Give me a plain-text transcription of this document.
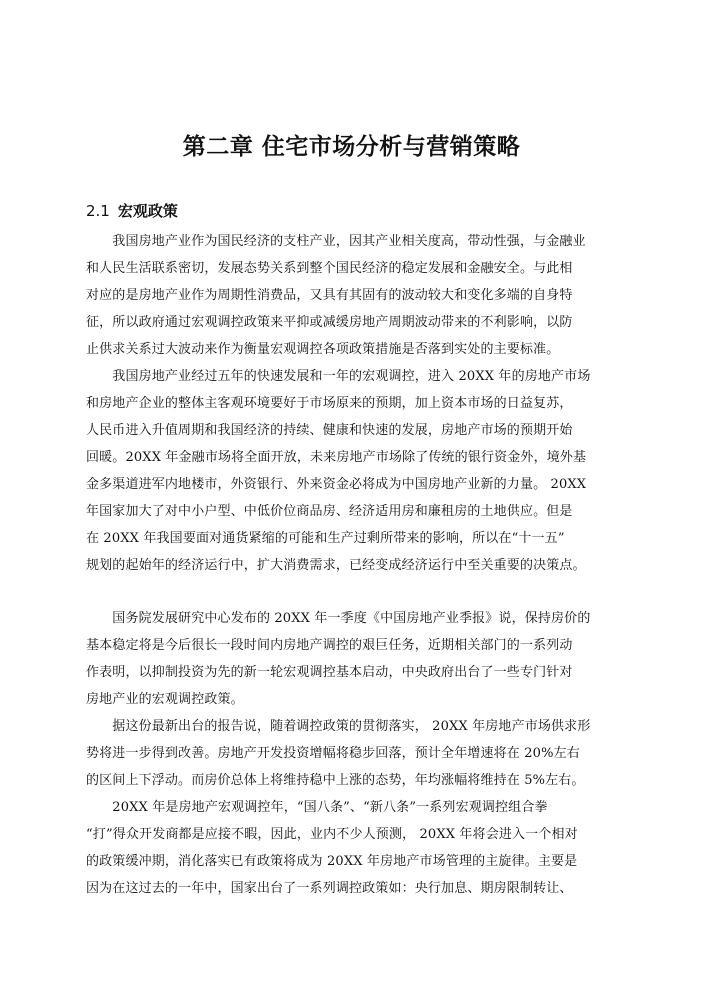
第二章 住宅市场分析与营销策略
2.1 宏观政策
　　我国房地产业作为国民经济的支柱产业，因其产业相关度高，带动性强，与金融业
和人民生活联系密切，发展态势关系到整个国民经济的稳定发展和金融安全。与此相
对应的是房地产业作为周期性消费品，又具有其固有的波动较大和变化多端的自身特
征，所以政府通过宏观调控政策来平抑或减缓房地产周期波动带来的不利影响，以防
止供求关系过大波动来作为衡量宏观调控各项政策措施是否落到实处的主要标准。
　　我国房地产业经过五年的快速发展和一年的宏观调控，进入 20XX 年的房地产市场
和房地产企业的整体主客观环境要好于市场原来的预期，加上资本市场的日益复苏，
人民币进入升值周期和我国经济的持续、健康和快速的发展，房地产市场的预期开始
回暖。20XX 年金融市场将全面开放，未来房地产市场除了传统的银行资金外，境外基
金多渠道进军内地楼市，外资银行、外来资金必将成为中国房地产业新的力量。 20XX
年国家加大了对中小户型、中低价位商品房、经济适用房和廉租房的土地供应。但是
在 20XX 年我国要面对通货紧缩的可能和生产过剩所带来的影响，所以在“十一五”
规划的起始年的经济运行中，扩大消费需求，已经变成经济运行中至关重要的决策点。
　　国务院发展研究中心发布的 20XX 年一季度《中国房地产业季报》说，保持房价的
基本稳定将是今后很长一段时间内房地产调控的艰巨任务，近期相关部门的一系列动
作表明，以抑制投资为先的新一轮宏观调控基本启动，中央政府出台了一些专门针对
房地产业的宏观调控政策。
　　据这份最新出台的报告说，随着调控政策的贯彻落实， 20XX 年房地产市场供求形
势将进一步得到改善。房地产开发投资增幅将稳步回落，预计全年增速将在 20%左右
的区间上下浮动。而房价总体上将维持稳中上涨的态势，年均涨幅将维持在 5%左右。
　　20XX 年是房地产宏观调控年，“国八条”、“新八条”一系列宏观调控组合拳
“打”得众开发商都是应接不暇，因此，业内不少人预测， 20XX 年将会进入一个相对
的政策缓冲期，消化落实已有政策将成为 20XX 年房地产市场管理的主旋律。主要是
因为在这过去的一年中，国家出台了一系列调控政策如：央行加息、期房限制转让、
